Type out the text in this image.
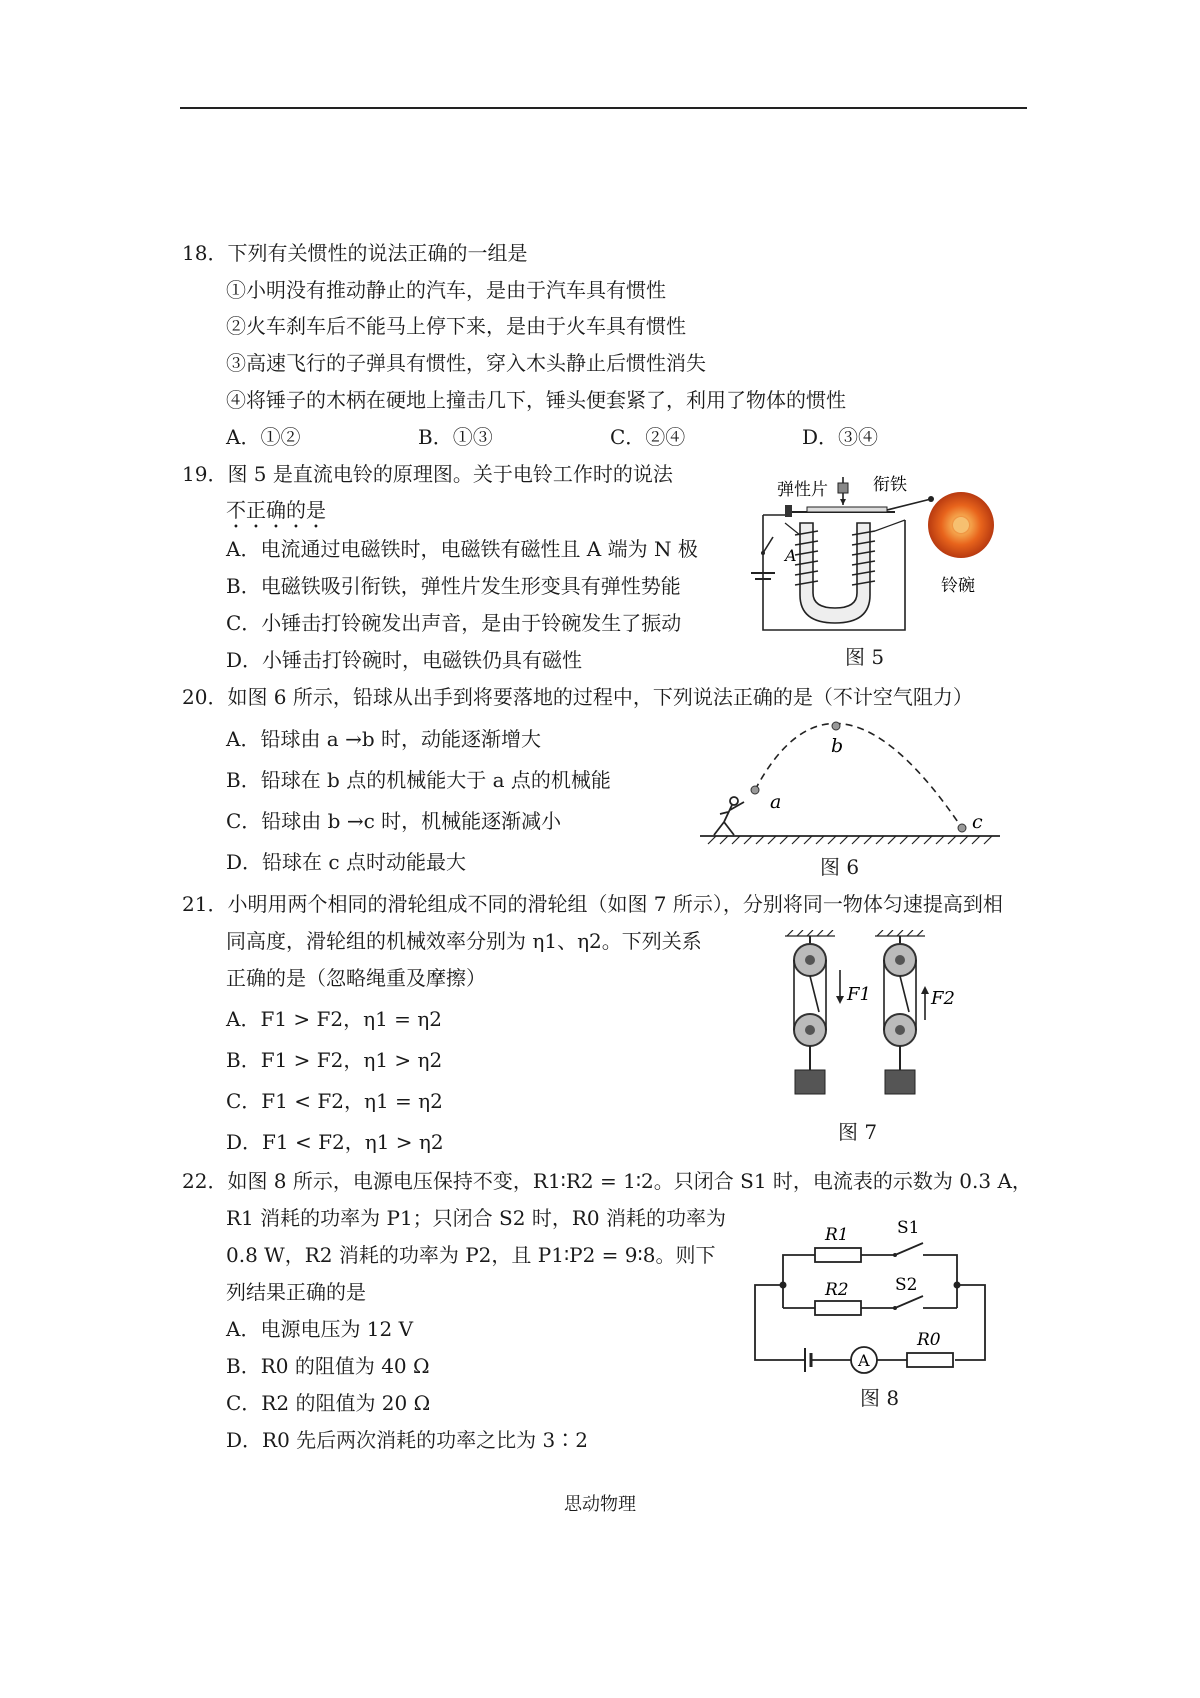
18．下列有关惯性的说法正确的一组是
①小明没有推动静止的汽车，是由于汽车具有惯性
②火车刹车后不能马上停下来，是由于火车具有惯性
③高速飞行的子弹具有惯性，穿入木头静止后惯性消失
④将锤子的木柄在硬地上撞击几下，锤头便套紧了，利用了物体的惯性
A．①②	B．①③	C．②④	D．③④
19．图 5 是直流电铃的原理图。关于电铃工作时的说法
不正确的是
A．电流通过电磁铁时，电磁铁有磁性且 A 端为 N 极
B．电磁铁吸引衔铁，弹性片发生形变具有弹性势能
C．小锤击打铃碗发出声音，是由于铃碗发生了振动
D．小锤击打铃碗时，电磁铁仍具有磁性
弹性片	衔铁
铃碗
A
图 5
20．如图 6 所示，铅球从出手到将要落地的过程中，下列说法正确的是（不计空气阻力）
A．铅球由 a →b 时，动能逐渐增大
B．铅球在 b 点的机械能大于 a 点的机械能
C．铅球由 b →c 时，机械能逐渐减小
D．铅球在 c 点时动能最大
a
b
c
图 6
21．小明用两个相同的滑轮组成不同的滑轮组（如图 7 所示），分别将同一物体匀速提高到相
同高度，滑轮组的机械效率分别为 η1、η2。下列关系
正确的是（忽略绳重及摩擦）
A．F1 > F2，η1 = η2
B．F1 > F2，η1 > η2
C．F1 < F2，η1 = η2
D．F1 < F2，η1 > η2
F1	F2
图 7
22．如图 8 所示，电源电压保持不变，R1∶R2 = 1∶2。只闭合 S1 时，电流表的示数为 0.3 A，
R1 消耗的功率为 P1；只闭合 S2 时，R0 消耗的功率为
0.8 W，R2 消耗的功率为 P2，且 P1∶P2 = 9∶8。则下
列结果正确的是
A．电源电压为 12 V
B．R0 的阻值为 40 Ω
C．R2 的阻值为 20 Ω
D．R0 先后两次消耗的功率之比为 3∶2
A
R1
R2
R0
S1
S2
图 8
思动物理
